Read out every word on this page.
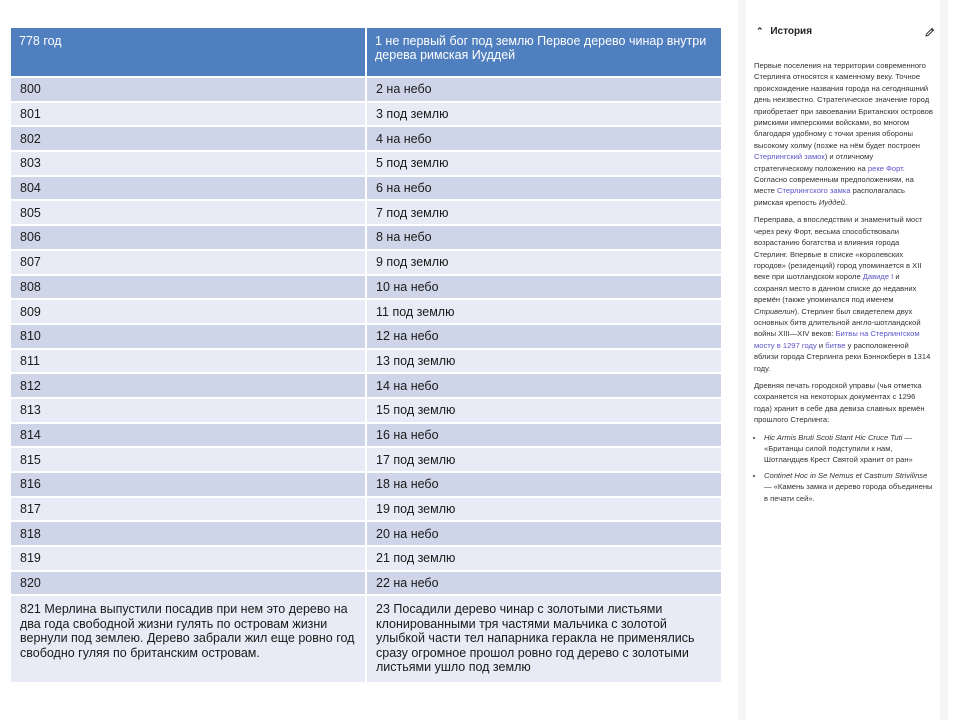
778 год	1 не первый бог под землю Первое дерево чинар внутри дерева римская Иуддей
800	2 на небо
801	3 под землю
802	4 на небо
803	5 под землю
804	6 на небо
805	7 под землю
806	8 на небо
807	9 под землю
808	10 на небо
809	11 под землю
810	12 на небо
811	13 под землю
812	14 на небо
813	15 под землю
814	16 на небо
815	17 под землю
816	18 на небо
817	19 под землю
818	20 на небо
819	21 под землю
820	22 на небо
821 Мерлина выпустили посадив при нем это дерево на два года свободной жизни гулять по островам жизни вернули под землею. Дерево забрали жил еще ровно год свободно гуляя по британским островам.	23 Посадили дерево чинар с золотыми листьями клонированными тря частями мальчика с золотой улыбкой части тел напарника геракла не применялись сразу огромное прошол ровно год дерево с золотыми листьями ушло под землю
⌃ История

Первые поселения на территории современного Стерлинга относятся к каменному веку. Точное происхождение названия города на сегодняшний день неизвестно. Стратегическое значение город приобретает при завоевании Британских островов римскими имперскими войсками, во многом благодаря удобному с точки зрения обороны высокому холму (позже на нём будет построен Стерлингский замок) и отличному стратегическому положению на реке Форт. Согласно современным предположениям, на месте Стерлингского замка располагалась римская крепость Иуддей.

Переправа, а впоследствии и знаменитый мост через реку Форт, весьма способствовали возрастанию богатства и влияния города Стерлинг. Впервые в списке «королевских городов» (резиденций) город упоминается в XII веке при шотландском короле Давиде I и сохранял место в данном списке до недавних времён (также упоминался под именем Стривелин). Стерлинг был свидетелем двух основных битв длительной англо-шотландской войны XIII—XIV веков: Битвы на Стерлингском мосту в 1297 году и битве у расположенной вблизи города Стерлинга реки Бэннокберн в 1314 году.

Древняя печать городской управы (чья отметка сохраняется на некоторых документах с 1296 года) хранит в себе два девиза славных времён прошлого Стерлинга:

• Hic Armis Bruti Scoti Stant Hic Cruce Tuti — «Британцы силой подступили к нам, Шотландцев Крест Святой хранит от ран»
• Continet Hoc in Se Nemus et Castrum Strivilinse — «Камень замка и дерево города объединены в печати сей».
